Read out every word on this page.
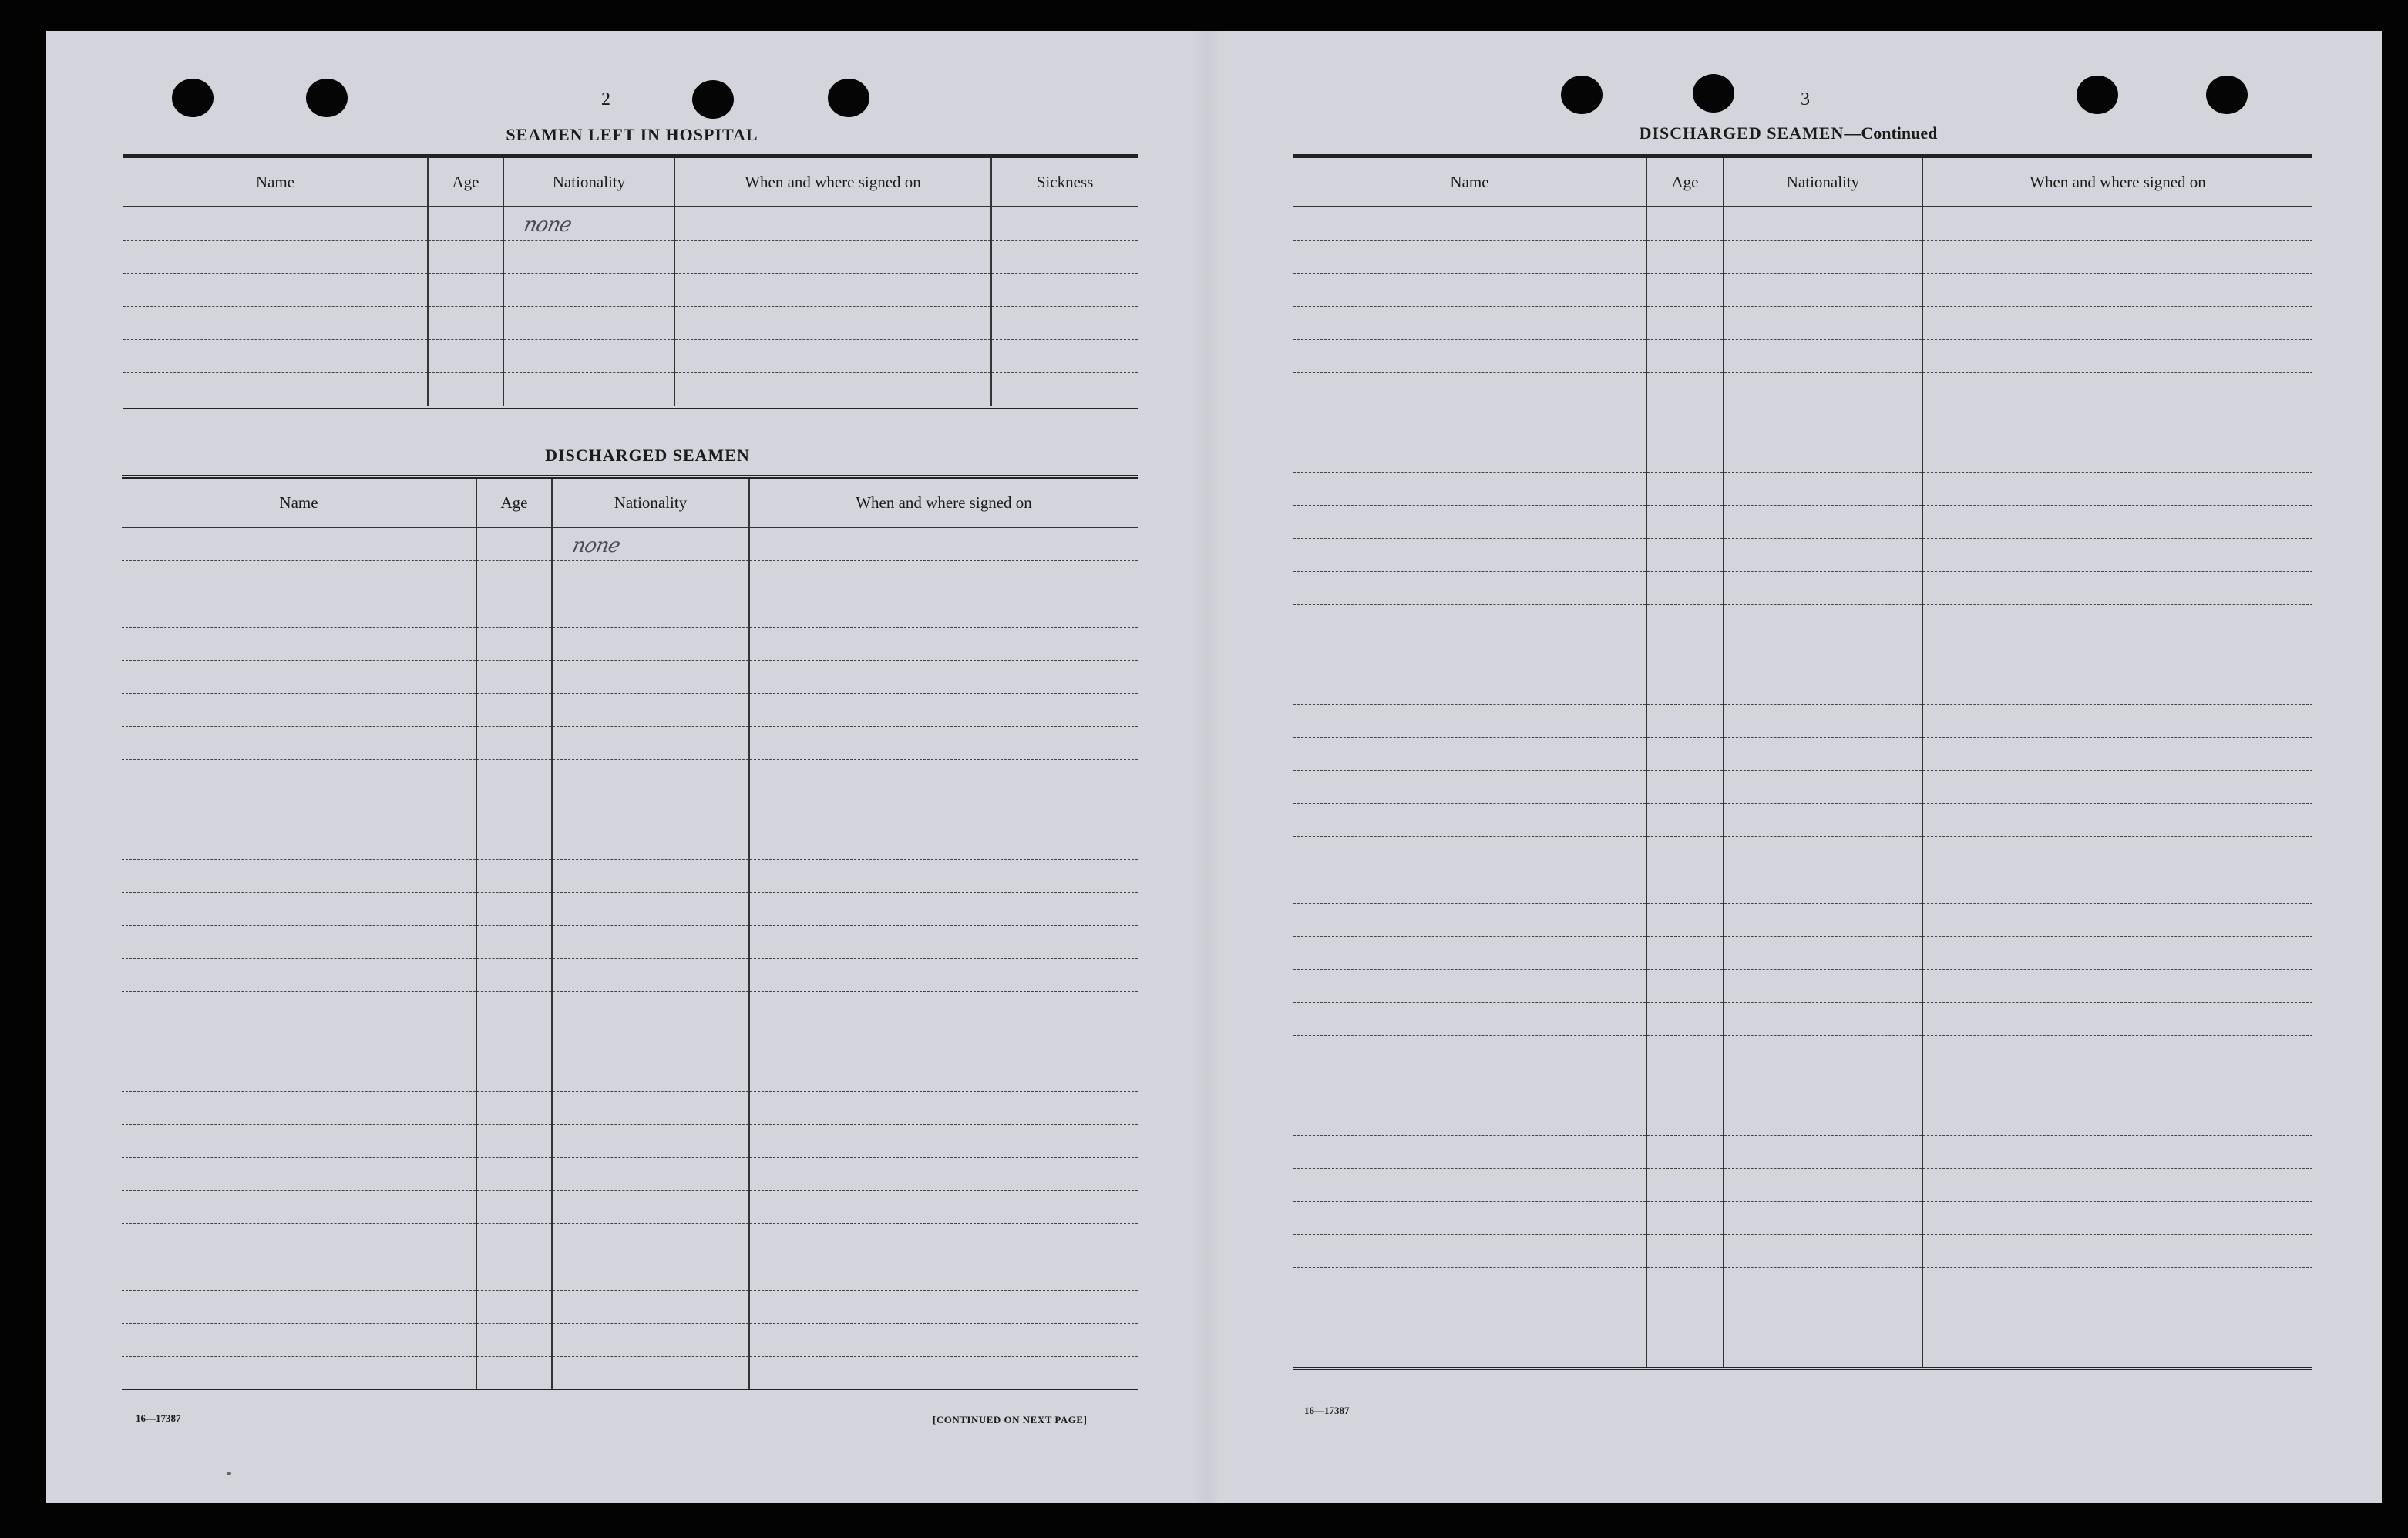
2
SEAMEN LEFT IN HOSPITAL
Name	Age	Nationality	When and where signed on	Sickness
		none		

DISCHARGED SEAMEN
Name	Age	Nationality	When and where signed on
		none	

16—17387	[CONTINUED ON NEXT PAGE]
3
DISCHARGED SEAMEN—Continued
Name	Age	Nationality	When and where signed on

16—17387
